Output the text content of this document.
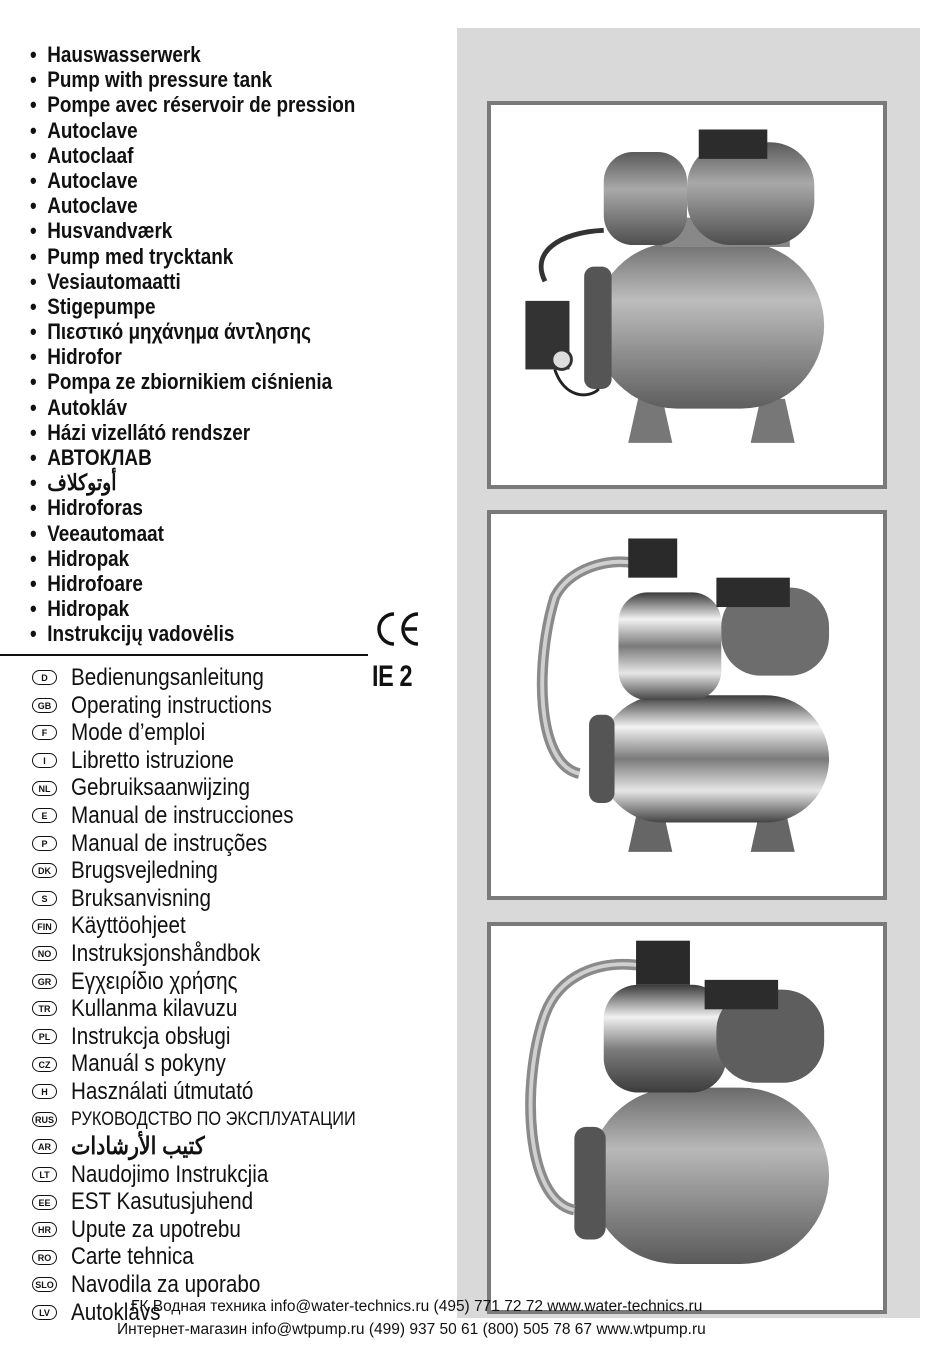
• Hauswasserwerk
• Pump with pressure tank
• Pompe avec réservoir de pression
• Autoclave
• Autoclaaf
• Autoclave
• Autoclave
• Husvandværk
• Pump med trycktank
• Vesiautomaatti
• Stigepumpe
• Πιεστικό μηχάνημα άντλησης
• Hidrofor
• Pompa ze zbiornikiem ciśnienia
• Autokláv
• Házi vizellátó rendszer
• АВТОКЛАВ
• أوتوكلاف
• Hidroforas
• Veeautomaat
• Hidropak
• Hidrofoare
• Hidropak
• Instrukcijų vadovėlis
IE 2
D Bedienungsanleitung
GB Operating instructions
F Mode d’emploi
I	Libretto istruzione
NL Gebruiksaanwijzing
E Manual de instrucciones
P Manual de instruções
DK Brugsvejledning
S Bruksanvisning
FIN Käyttöohjeet
NO Instruksjonshåndbok
GR Εγχειρίδιο χρήσης
TR Kullanma kilavuzu
PL Instrukcja obsługi
CZ Manuál s pokyny
H Használati útmutató
RUS РУКОВОДСТВО ПО ЭКСПЛУАТАЦИИ
AR كتيب الأرشادات
LT Naudojimo Instrukcjia
EE EST Kasutusjuhend
HR Upute za upotrebu
RO Carte tehnica
SLO Navodila za uporabo
LV Autoklāvs
ГК Водная техника info@water-technics.ru (495) 771 72 72 www.water-technics.ru
Интернет-магазин info@wtpump.ru (499) 937 50 61 (800) 505 78 67 www.wtpump.ru
